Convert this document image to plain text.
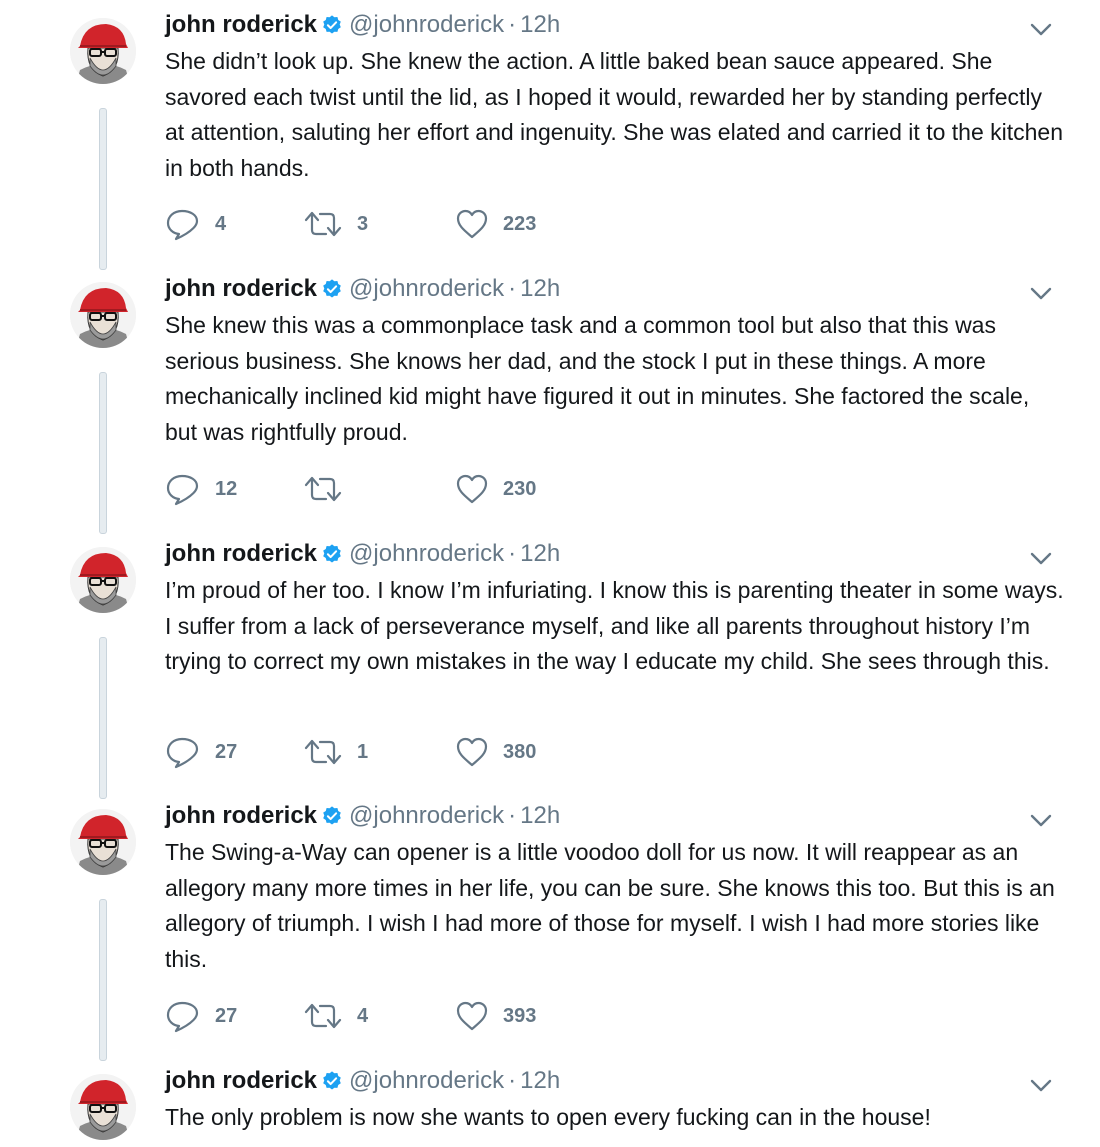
john roderick @johnroderick · 12h

She didn’t look up. She knew the action. A little baked bean sauce appeared. She savored each twist until the lid, as I hoped it would, rewarded her by standing perfectly at attention, saluting her effort and ingenuity. She was elated and carried it to the kitchen in both hands.

4	3	223
john roderick @johnroderick · 12h

She knew this was a commonplace task and a common tool but also that this was serious business. She knows her dad, and the stock I put in these things. A more mechanically inclined kid might have figured it out in minutes. She factored the scale, but was rightfully proud.

12	230
john roderick @johnroderick · 12h

I’m proud of her too. I know I’m infuriating. I know this is parenting theater in some ways. I suffer from a lack of perseverance myself, and like all parents throughout history I’m trying to correct my own mistakes in the way I educate my child. She sees through this.

27	1	380
john roderick @johnroderick · 12h

The Swing-a-Way can opener is a little voodoo doll for us now. It will reappear as an allegory many more times in her life, you can be sure. She knows this too. But this is an allegory of triumph. I wish I had more of those for myself. I wish I had more stories like this.

27	4	393
john roderick @johnroderick · 12h

The only problem is now she wants to open every fucking can in the house!
